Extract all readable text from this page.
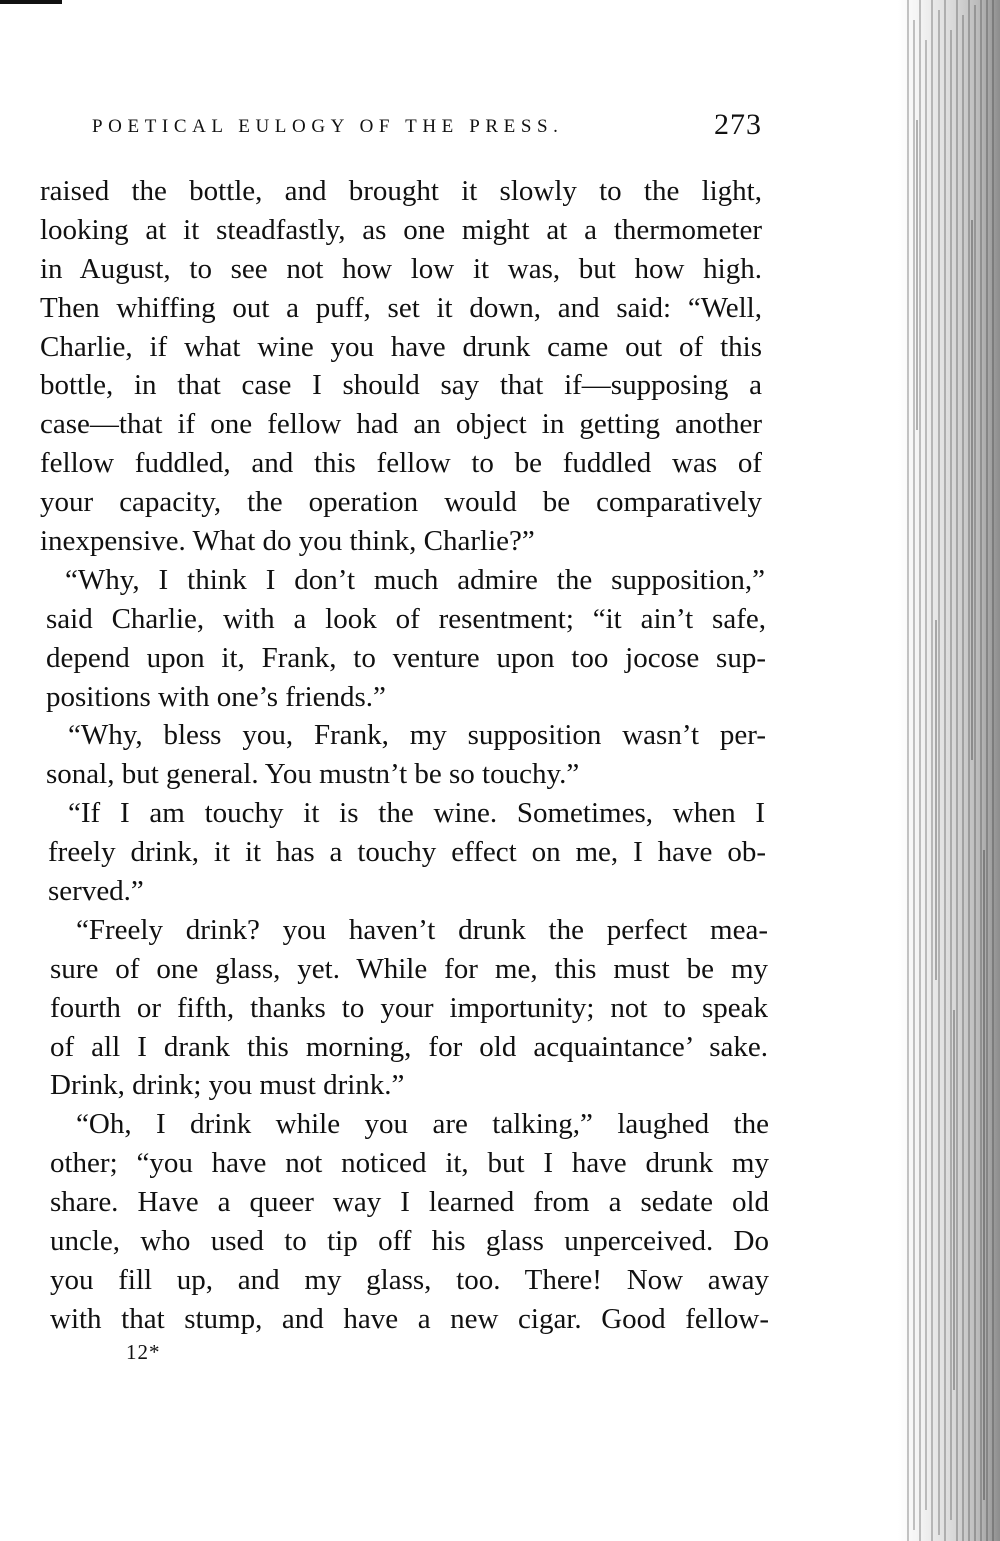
POETICAL EULOGY OF THE PRESS.	273
raised the bottle, and brought it slowly to the light,
looking at it steadfastly, as one might at a thermometer
in August, to see not how low it was, but how high.
Then whiffing out a puff, set it down, and said: “Well,
Charlie, if what wine you have drunk came out of this
bottle, in that case I should say that if—supposing a
case—that if one fellow had an object in getting another
fellow fuddled, and this fellow to be fuddled was of
your capacity, the operation would be comparatively
inexpensive. What do you think, Charlie?”
“Why, I think I don’t much admire the supposition,”
said Charlie, with a look of resentment; “it ain’t safe,
depend upon it, Frank, to venture upon too jocose sup-
positions with one’s friends.”
“Why, bless you, Frank, my supposition wasn’t per-
sonal, but general. You mustn’t be so touchy.”
“If I am touchy it is the wine. Sometimes, when I
freely drink, it it has a touchy effect on me, I have ob-
served.”
“Freely drink? you haven’t drunk the perfect mea-
sure of one glass, yet. While for me, this must be my
fourth or fifth, thanks to your importunity; not to speak
of all I drank this morning, for old acquaintance’ sake.
Drink, drink; you must drink.”
“Oh, I drink while you are talking,” laughed the
other; “you have not noticed it, but I have drunk my
share. Have a queer way I learned from a sedate old
uncle, who used to tip off his glass unperceived. Do
you fill up, and my glass, too. There! Now away
with that stump, and have a new cigar. Good fellow-
12*
